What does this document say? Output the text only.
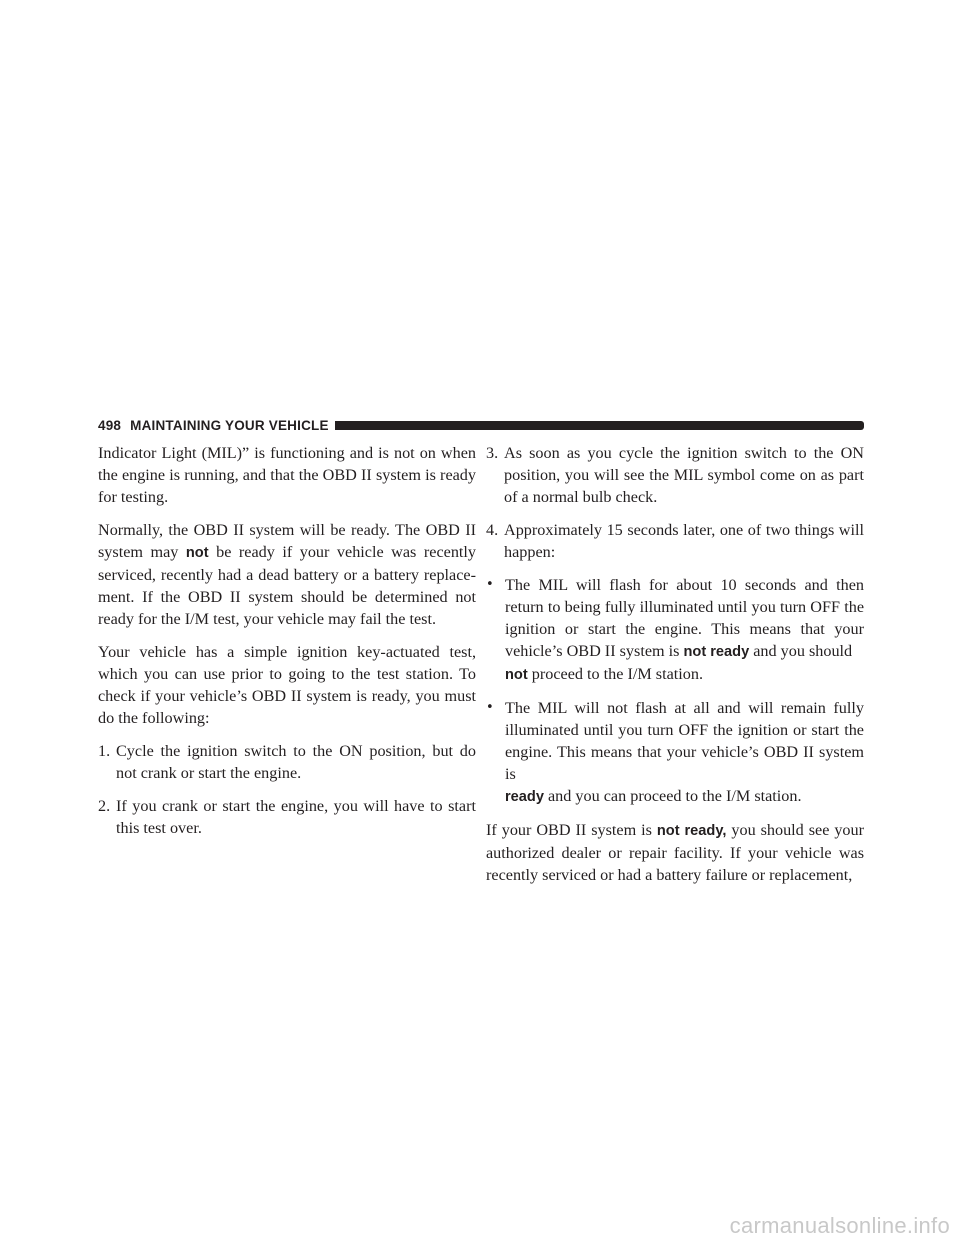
498 MAINTAINING YOUR VEHICLE

Indicator Light (MIL)” is functioning and is not on when the engine is running, and that the OBD II system is ready for testing.

Normally, the OBD II system will be ready. The OBD II system may not be ready if your vehicle was recently serviced, recently had a dead battery or a battery replace-ment. If the OBD II system should be determined not ready for the I/M test, your vehicle may fail the test.

Your vehicle has a simple ignition key-actuated test, which you can use prior to going to the test station. To check if your vehicle’s OBD II system is ready, you must do the following:

1. Cycle the ignition switch to the ON position, but do not crank or start the engine.
2. If you crank or start the engine, you will have to start this test over.
3. As soon as you cycle the ignition switch to the ON position, you will see the MIL symbol come on as part of a normal bulb check.
4. Approximately 15 seconds later, one of two things will happen:
• The MIL will flash for about 10 seconds and then return to being fully illuminated until you turn OFF the ignition or start the engine. This means that your vehicle’s OBD II system is not ready and you should
not proceed to the I/M station.
• The MIL will not flash at all and will remain fully illuminated until you turn OFF the ignition or start the engine. This means that your vehicle’s OBD II system is
ready and you can proceed to the I/M station.

If your OBD II system is not ready, you should see your authorized dealer or repair facility. If your vehicle was recently serviced or had a battery failure or replacement,

carmanualsonline.info
